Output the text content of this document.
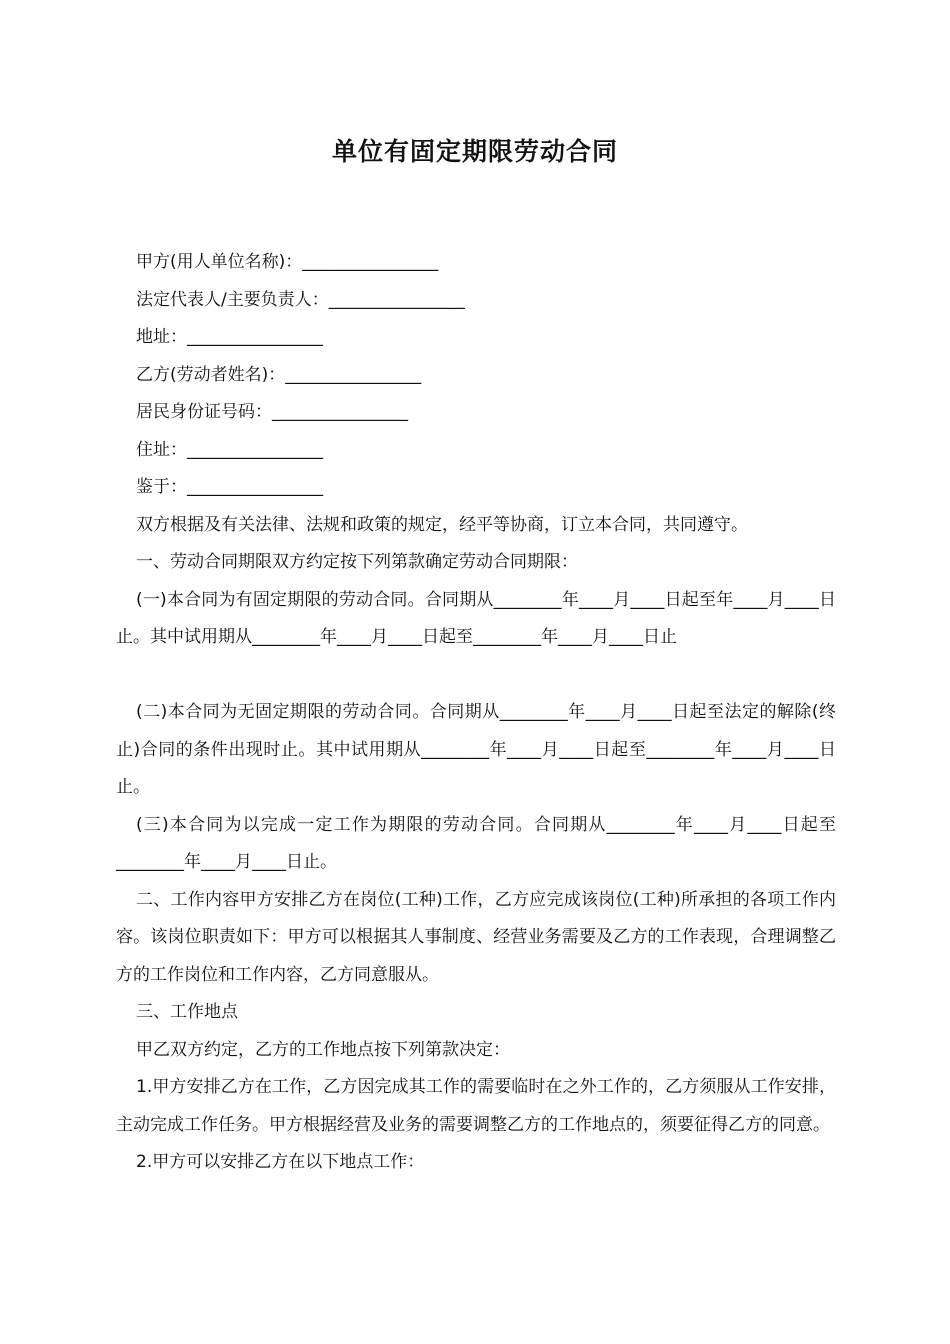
单位有固定期限劳动合同
甲方(用人单位名称)：________________
法定代表人/主要负责人：________________
地址：________________
乙方(劳动者姓名)：________________
居民身份证号码：________________
住址：________________
鉴于：________________
双方根据及有关法律、法规和政策的规定，经平等协商，订立本合同，共同遵守。
一、劳动合同期限双方约定按下列第款确定劳动合同期限：
(一)本合同为有固定期限的劳动合同。合同期从________年____月____日起至年____月____日止。其中试用期从________年____月____日起至________年____月____日止
(二)本合同为无固定期限的劳动合同。合同期从________年____月____日起至法定的解除(终止)合同的条件出现时止。其中试用期从________年____月____日起至________年____月____日止。
(三)本合同为以完成一定工作为期限的劳动合同。合同期从________年____月____日起至________年____月____日止。
二、工作内容甲方安排乙方在岗位(工种)工作，乙方应完成该岗位(工种)所承担的各项工作内容。该岗位职责如下：甲方可以根据其人事制度、经营业务需要及乙方的工作表现，合理调整乙方的工作岗位和工作内容，乙方同意服从。
三、工作地点
甲乙双方约定，乙方的工作地点按下列第款决定：
1.甲方安排乙方在工作，乙方因完成其工作的需要临时在之外工作的，乙方须服从工作安排，主动完成工作任务。甲方根据经营及业务的需要调整乙方的工作地点的，须要征得乙方的同意。
2.甲方可以安排乙方在以下地点工作：
